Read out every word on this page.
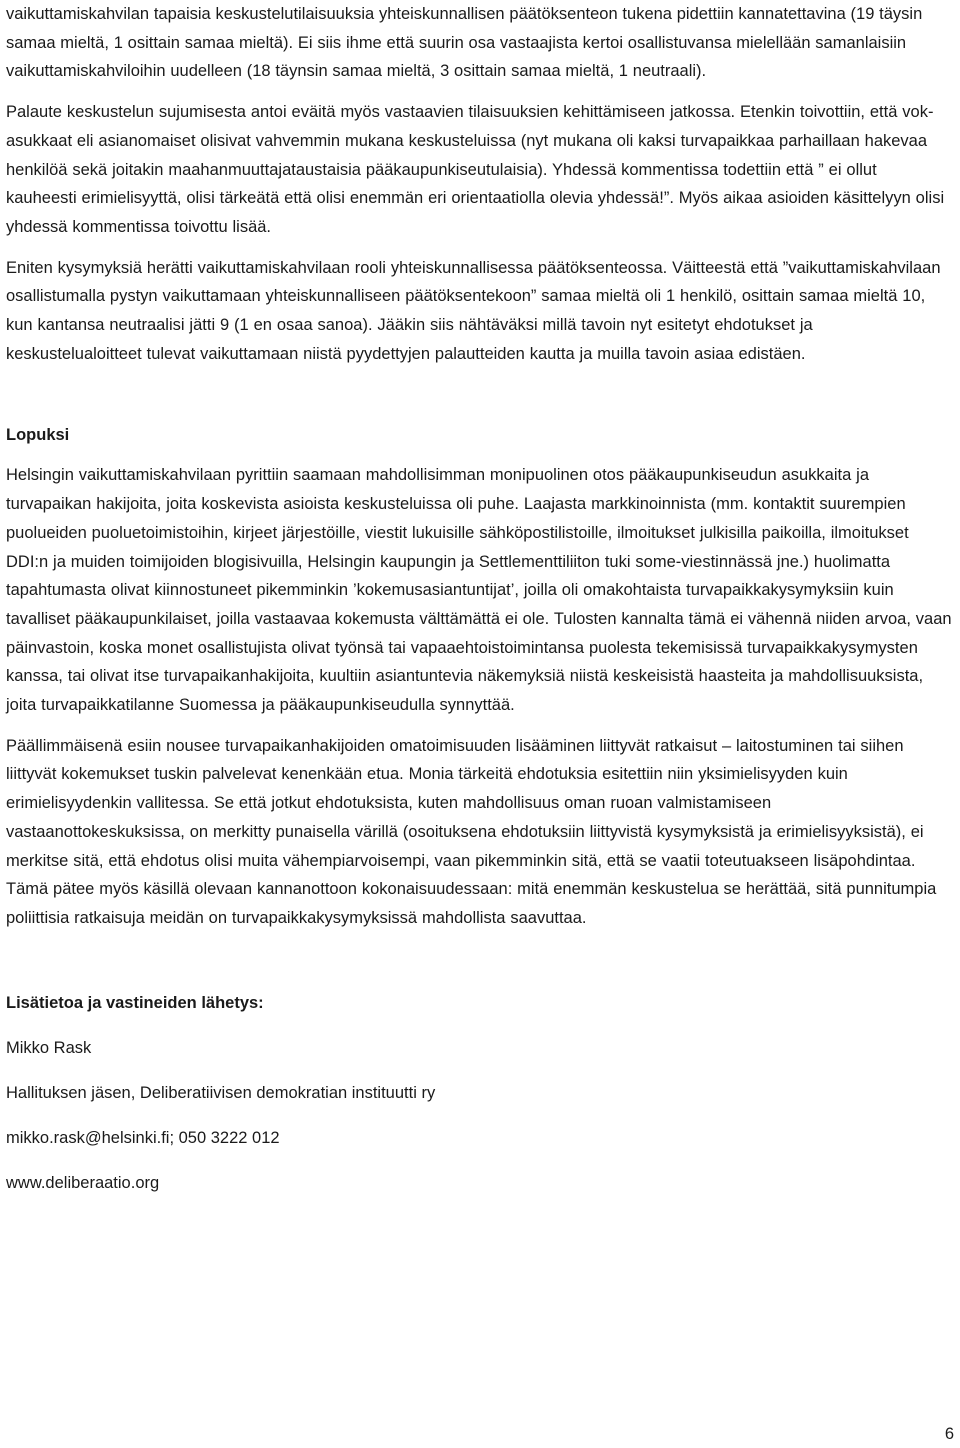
vaikuttamiskahvilan tapaisia keskustelutilaisuuksia yhteiskunnallisen päätöksenteon tukena pidettiin kannatettavina (19 täysin samaa mieltä, 1 osittain samaa mieltä). Ei siis ihme että suurin osa vastaajista kertoi osallistuvansa mielellään samanlaisiin vaikuttamiskahviloihin uudelleen (18 täynsin samaa mieltä, 3 osittain samaa mieltä, 1 neutraali).

Palaute keskustelun sujumisesta antoi eväitä myös vastaavien tilaisuuksien kehittämiseen jatkossa. Etenkin toivottiin, että vok-asukkaat eli asianomaiset olisivat vahvemmin mukana keskusteluissa (nyt mukana oli kaksi turvapaikkaa parhaillaan hakevaa henkilöä sekä joitakin maahanmuuttajataustaisia pääkaupunkiseutulaisia). Yhdessä kommentissa todettiin että ” ei ollut kauheesti erimielisyyttä, olisi tärkeätä että olisi enemmän eri orientaatiolla olevia yhdessä!”. Myös aikaa asioiden käsittelyyn olisi yhdessä kommentissa toivottu lisää.

Eniten kysymyksiä herätti vaikuttamiskahvilaan rooli yhteiskunnallisessa päätöksenteossa. Väitteestä että ”vaikuttamiskahvilaan osallistumalla pystyn vaikuttamaan yhteiskunnalliseen päätöksentekoon” samaa mieltä oli 1 henkilö, osittain samaa mieltä 10, kun kantansa neutraalisi jätti 9 (1 en osaa sanoa). Jääkin siis nähtäväksi millä tavoin nyt esitetyt ehdotukset ja keskustelualoitteet tulevat vaikuttamaan niistä pyydettyjen palautteiden kautta ja muilla tavoin asiaa edistäen.

Lopuksi

Helsingin vaikuttamiskahvilaan pyrittiin saamaan mahdollisimman monipuolinen otos pääkaupunkiseudun asukkaita ja turvapaikan hakijoita, joita koskevista asioista keskusteluissa oli puhe. Laajasta markkinoinnista (mm. kontaktit suurempien puolueiden puoluetoimistoihin, kirjeet järjestöille, viestit lukuisille sähköpostilistoille, ilmoitukset julkisilla paikoilla, ilmoitukset DDI:n ja muiden toimijoiden blogisivuilla, Helsingin kaupungin ja Settlementtiliiton tuki some-viestinnässä jne.) huolimatta tapahtumasta olivat kiinnostuneet pikemminkin ’kokemusasiantuntijat’, joilla oli omakohtaista turvapaikkakysymyksiin kuin tavalliset pääkaupunkilaiset, joilla vastaavaa kokemusta välttämättä ei ole. Tulosten kannalta tämä ei vähennä niiden arvoa, vaan päinvastoin, koska monet osallistujista olivat työnsä tai vapaaehtoistoimintansa puolesta tekemisissä turvapaikkakysymysten kanssa, tai olivat itse turvapaikanhakijoita, kuultiin asiantuntevia näkemyksiä niistä keskeisistä haasteita ja mahdollisuuksista, joita turvapaikkatilanne Suomessa ja pääkaupunkiseudulla synnyttää.

Päällimmäisenä esiin nousee turvapaikanhakijoiden omatoimisuuden lisääminen liittyvät ratkaisut – laitostuminen tai siihen liittyvät kokemukset tuskin palvelevat kenenkään etua. Monia tärkeitä ehdotuksia esitettiin niin yksimielisyyden kuin erimielisyydenkin vallitessa. Se että jotkut ehdotuksista, kuten mahdollisuus oman ruoan valmistamiseen vastaanottokeskuksissa, on merkitty punaisella värillä (osoituksena ehdotuksiin liittyvistä kysymyksistä ja erimielisyyksistä), ei merkitse sitä, että ehdotus olisi muita vähempiarvoisempi, vaan pikemminkin sitä, että se vaatii toteutuakseen lisäpohdintaa. Tämä pätee myös käsillä olevaan kannanottoon kokonaisuudessaan: mitä enemmän keskustelua se herättää, sitä punnitumpia poliittisia ratkaisuja meidän on turvapaikkakysymyksissä mahdollista saavuttaa.

Lisätietoa ja vastineiden lähetys:

Mikko Rask

Hallituksen jäsen, Deliberatiivisen demokratian instituutti ry

mikko.rask@helsinki.fi; 050 3222 012

www.deliberaatio.org

6
